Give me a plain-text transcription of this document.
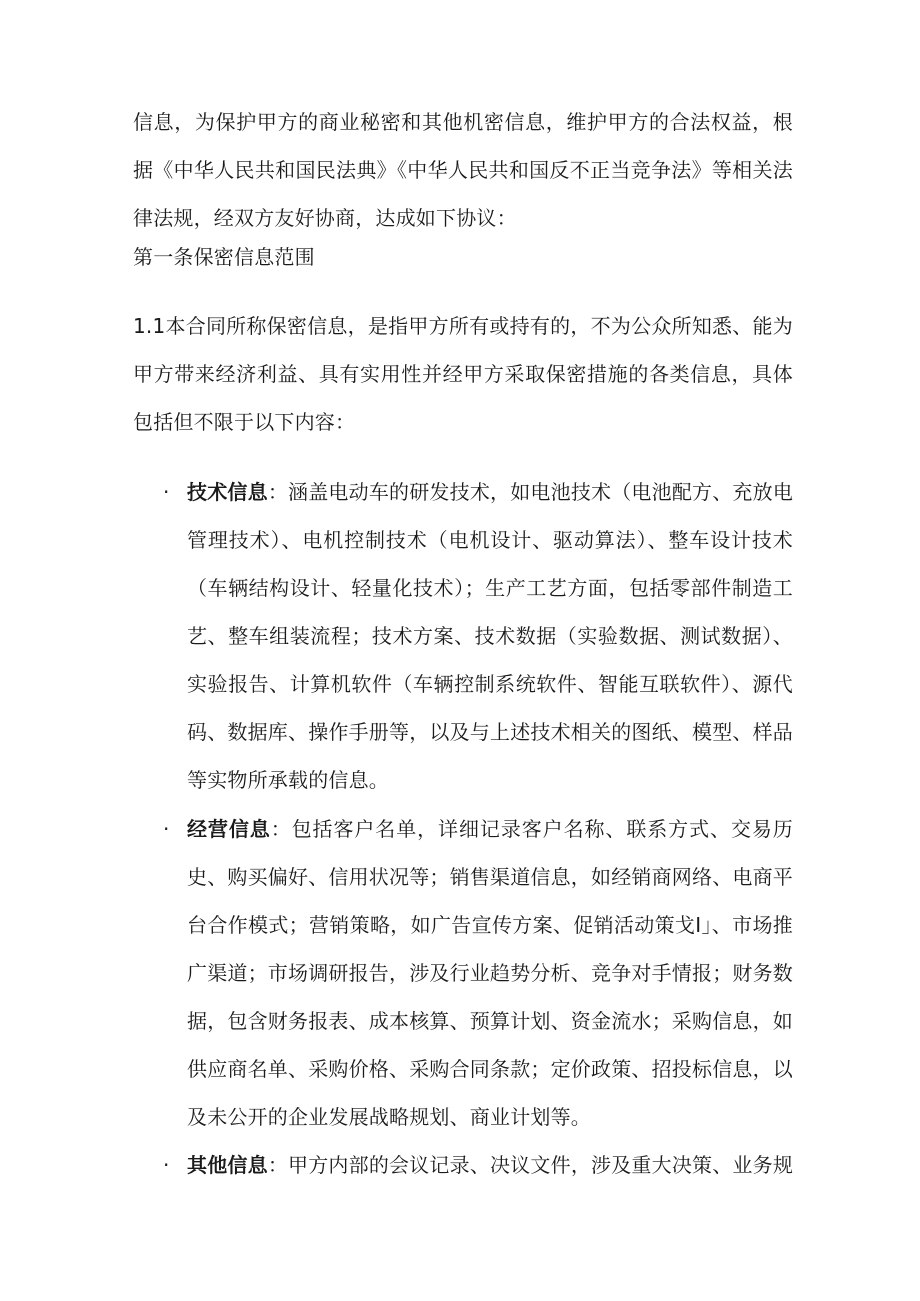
信息，为保护甲方的商业秘密和其他机密信息，维护甲方的合法权益，根据《中华人民共和国民法典》《中华人民共和国反不正当竞争法》等相关法律法规，经双方友好协商，达成如下协议：

第一条保密信息范围

1.1本合同所称保密信息，是指甲方所有或持有的，不为公众所知悉、能为甲方带来经济利益、具有实用性并经甲方采取保密措施的各类信息，具体包括但不限于以下内容：

· 技术信息：涵盖电动车的研发技术，如电池技术（电池配方、充放电管理技术）、电机控制技术（电机设计、驱动算法）、整车设计技术（车辆结构设计、轻量化技术）；生产工艺方面，包括零部件制造工艺、整车组装流程；技术方案、技术数据（实验数据、测试数据）、实验报告、计算机软件（车辆控制系统软件、智能互联软件）、源代码、数据库、操作手册等，以及与上述技术相关的图纸、模型、样品等实物所承载的信息。
· 经营信息：包括客户名单，详细记录客户名称、联系方式、交易历史、购买偏好、信用状况等；销售渠道信息，如经销商网络、电商平台合作模式；营销策略，如广告宣传方案、促销活动策戈I」、市场推广渠道；市场调研报告，涉及行业趋势分析、竞争对手情报；财务数据，包含财务报表、成本核算、预算计划、资金流水；采购信息，如供应商名单、采购价格、采购合同条款；定价政策、招投标信息，以及未公开的企业发展战略规划、商业计划等。
· 其他信息：甲方内部的会议记录、决议文件，涉及重大决策、业务规
